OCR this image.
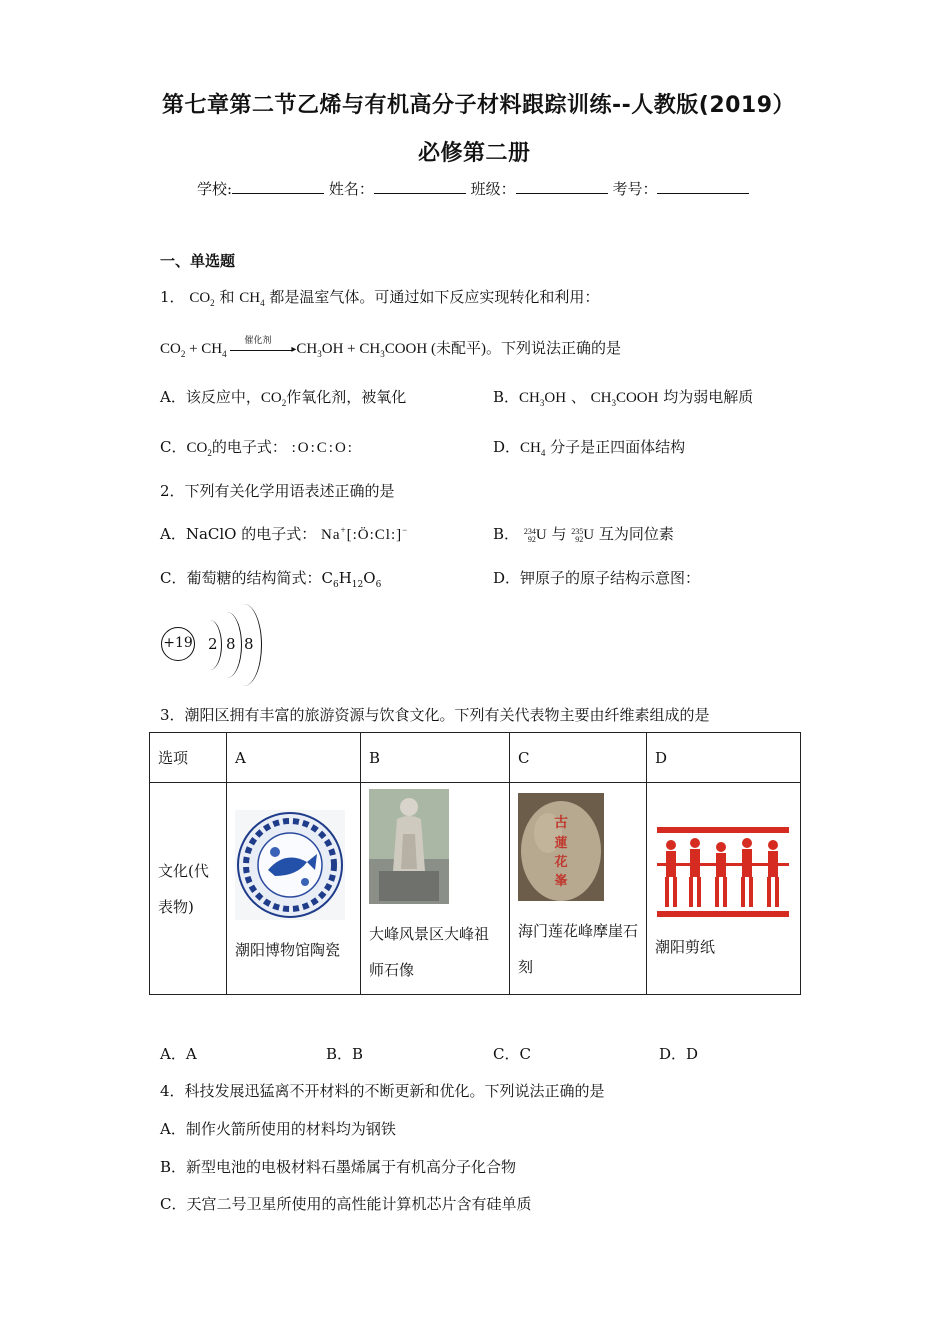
第七章第二节乙烯与有机高分子材料跟踪训练--人教版(2019）
必修第二册
学校:	姓名：	班级：	考号：
一、单选题
1． $CO_2$ 和 $CH_4$ 都是温室气体。可通过如下反应实现转化和利用：
$CO_2 + CH_4$
催化剂
▸ $CH_3OH$ + $CH_3COOH$ (未配平)。下列说法正确的是
A．该反应中，$CO_2$作氧化剂，被氧化	B．$CH_3OH$ 、 $CH_3COOH$ 均为弱电解质
C．$CO_2$的电子式： :O:C:O:	D．$CH_4$ 分子是正四面体结构
2．下列有关化学用语表述正确的是
A．NaClO 的电子式： Na+[:Ö:Cl:]−	B． 234
92U 与 235
92U 互为同位素
C．葡萄糖的结构简式：$C_6H_{12}O_6$	D．钾原子的原子结构示意图：
+19 2 8 8
3．潮阳区拥有丰富的旅游资源与饮食文化。下列有关代表物主要由纤维素组成的是
选项	A	B	C	D
文化(代表物)	潮阳博物馆陶瓷	大峰风景区大峰祖师石像	古
蓮
花
峯
海门莲花峰摩崖石刻	潮阳剪纸
A．A	B．B	C．C	D．D
4．科技发展迅猛离不开材料的不断更新和优化。下列说法正确的是
A．制作火箭所使用的材料均为钢铁
B．新型电池的电极材料石墨烯属于有机高分子化合物
C．天宫二号卫星所使用的高性能计算机芯片含有硅单质
